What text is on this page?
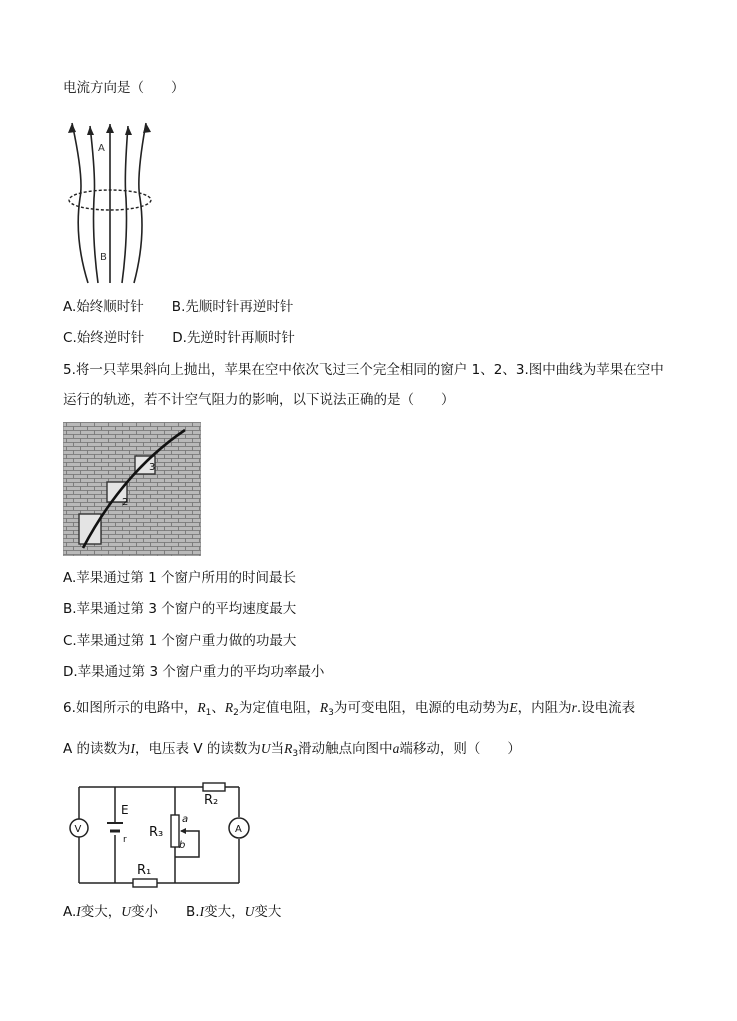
电流方向是（　　）
A
B
A.始终顺时针 B.先顺时针再逆时针
C.始终逆时针 D.先逆时针再顺时针
5.将一只苹果斜向上抛出，苹果在空中依次飞过三个完全相同的窗户 1、2、3.图中曲线为苹果在空中
运行的轨迹，若不计空气阻力的影响，以下说法正确的是（　　）
2
3
A.苹果通过第 1 个窗户所用的时间最长
B.苹果通过第 3 个窗户的平均速度最大
C.苹果通过第 1 个窗户重力做的功最大
D.苹果通过第 3 个窗户重力的平均功率最小
6.如图所示的电路中，$R_1$、$R_2$为定值电阻，$R_3$为可变电阻，电源的电动势为E，内阻为r.设电流表
A 的读数为I，电压表 V 的读数为U当$R_3$滑动触点向图中a端移动，则（　　）
V	A
R₂
E
r R₃
a
b
R₁
A.I变大，U变小 B.I变大，U变大
